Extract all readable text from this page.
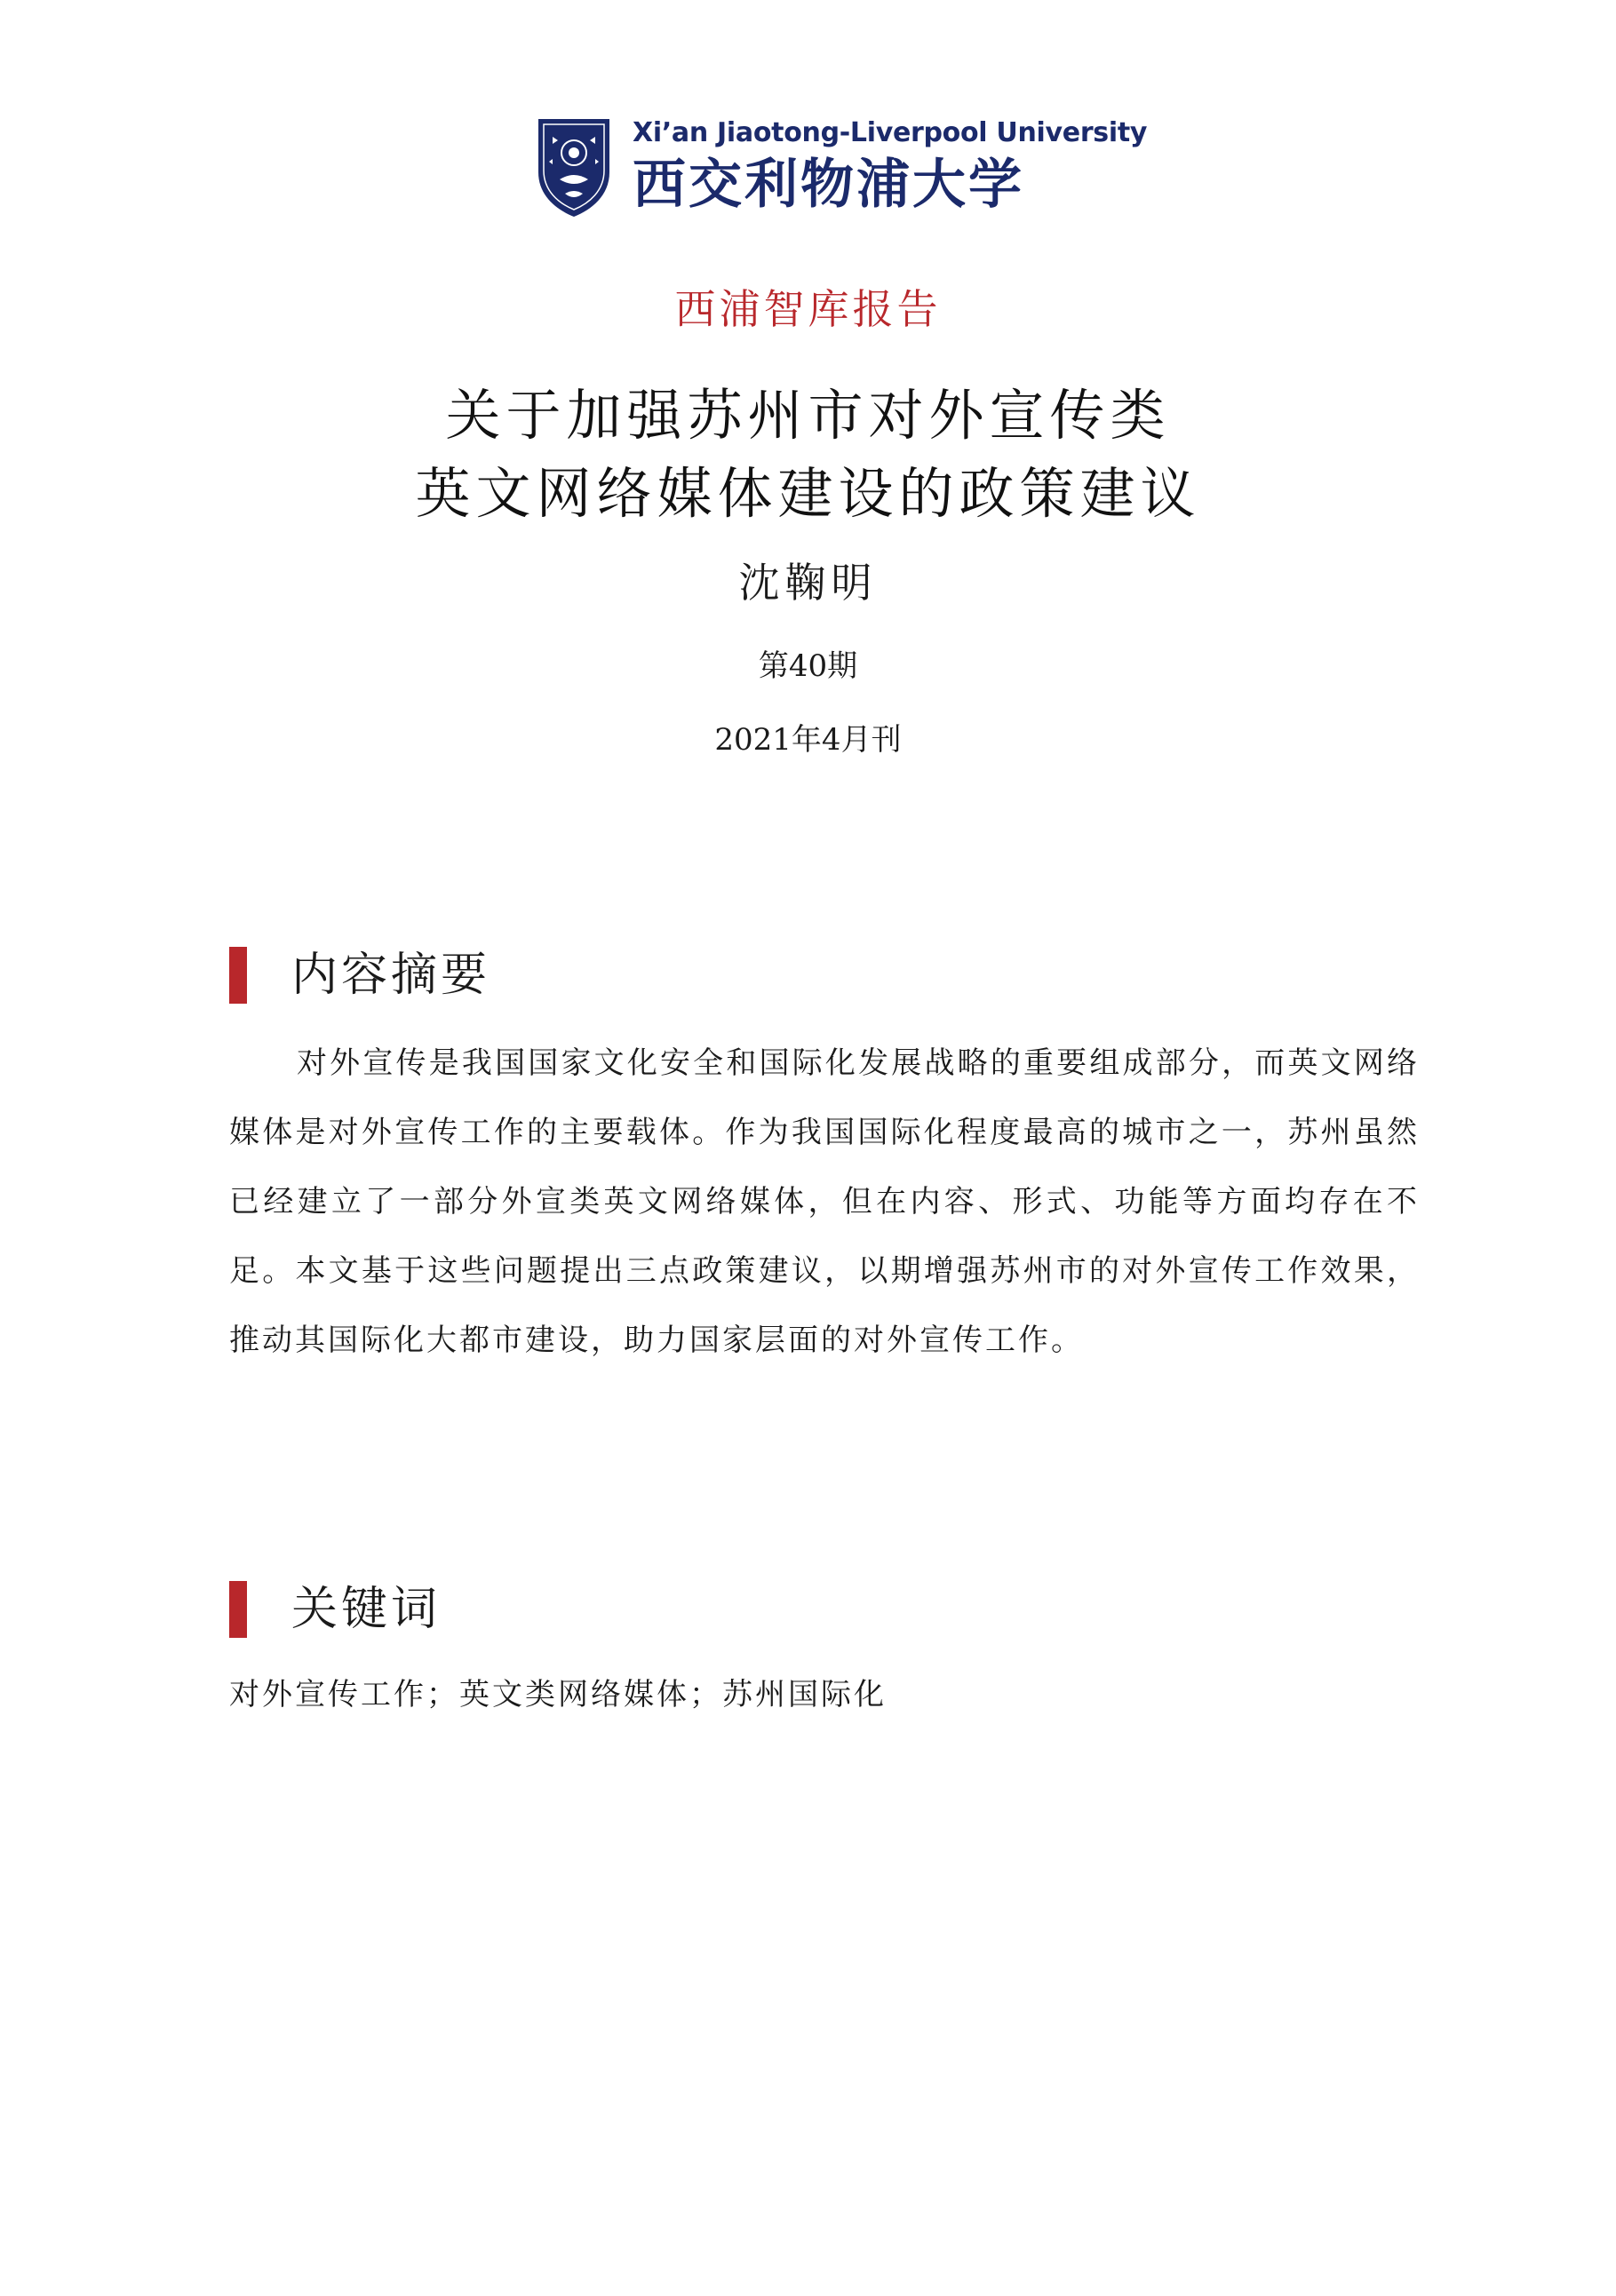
Xi’an Jiaotong-Liverpool University
西交利物浦大学
西浦智库报告
关于加强苏州市对外宣传类
英文网络媒体建设的政策建议
沈鞠明
第40期
2021年4月刊
内容摘要

对外宣传是我国国家文化安全和国际化发展战略的重要组成部分，而英文网络媒体是对外宣传工作的主要载体。作为我国国际化程度最高的城市之一，苏州虽然已经建立了一部分外宣类英文网络媒体，但在内容、形式、功能等方面均存在不足。本文基于这些问题提出三点政策建议，以期增强苏州市的对外宣传工作效果，推动其国际化大都市建设，助力国家层面的对外宣传工作。

关键词
对外宣传工作；英文类网络媒体；苏州国际化
